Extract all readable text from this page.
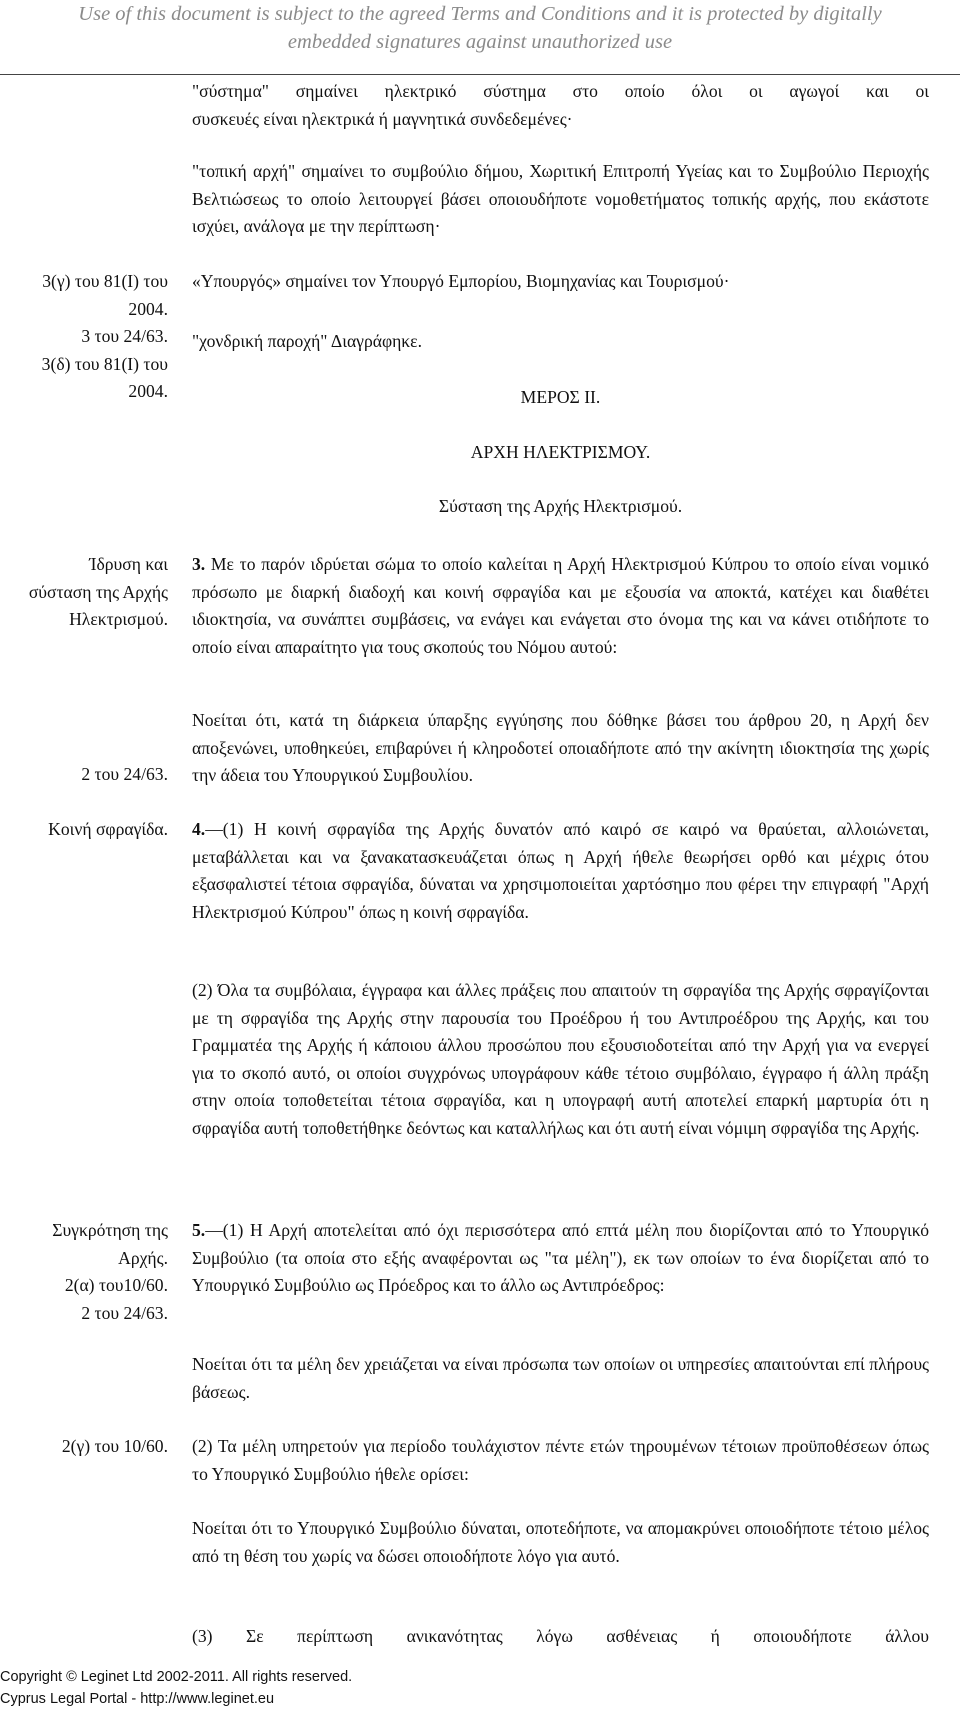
Use of this document is subject to the agreed Terms and Conditions and it is protected by digitally
embedded signatures against unauthorized use

"σύστημα" σημαίνει ηλεκτρικό σύστημα στο οποίο όλοι οι αγωγοί και οι

συσκευές είναι ηλεκτρικά ή μαγνητικά συνδεδεμένες·

"τοπική αρχή" σημαίνει το συμβούλιο δήμου, Χωριτική Επιτροπή Υγείας και το Συμβούλιο Περιοχής Βελτιώσεως το οποίο λειτουργεί βάσει οποιουδήποτε νομοθετήματος τοπικής αρχής, που εκάστοτε ισχύει, ανάλογα με την περίπτωση·

3(γ) του 81(Ι) του
2004.
3 του 24/63.
3(δ) του 81(Ι) του
2004.

«Υπουργός» σημαίνει τον Υπουργό Εμπορίου, Βιομηχανίας και Τουρισμού·

"χονδρική παροχή" Διαγράφηκε.

ΜΕΡΟΣ ΙΙ.
ΑΡΧΗ ΗΛΕΚΤΡΙΣΜΟΥ.
Σύσταση της Αρχής Ηλεκτρισμού.
Ίδρυση και
σύσταση της Αρχής
Ηλεκτρισμού.

3. Με το παρόν ιδρύεται σώμα το οποίο καλείται η Αρχή Ηλεκτρισμού Κύπρου το οποίο είναι νομικό πρόσωπο με διαρκή διαδοχή και κοινή σφραγίδα και με εξουσία να αποκτά, κατέχει και διαθέτει ιδιοκτησία, να συνάπτει συμβάσεις, να ενάγει και ενάγεται στο όνομα της και να κάνει οτιδήποτε το οποίο είναι απαραίτητο για τους σκοπούς του Νόμου αυτού:

Νοείται ότι, κατά τη διάρκεια ύπαρξης εγγύησης που δόθηκε βάσει του άρθρου 20, η Αρχή δεν αποξενώνει, υποθηκεύει, επιβαρύνει ή κληροδοτεί οποιαδήποτε από την ακίνητη ιδιοκτησία της χωρίς την άδεια του Υπουργικού Συμβουλίου.

2 του 24/63.
Κοινή σφραγίδα. 4.—(1) Η κοινή σφραγίδα της Αρχής δυνατόν από καιρό σε καιρό να θραύεται, αλλοιώνεται, μεταβάλλεται και να ξανακατασκευάζεται όπως η Αρχή ήθελε θεωρήσει ορθό και μέχρις ότου εξασφαλιστεί τέτοια σφραγίδα, δύναται να χρησιμοποιείται χαρτόσημο που φέρει την επιγραφή "Αρχή Ηλεκτρισμού Κύπρου" όπως η κοινή σφραγίδα.

(2) Όλα τα συμβόλαια, έγγραφα και άλλες πράξεις που απαιτούν τη σφραγίδα της Αρχής σφραγίζονται με τη σφραγίδα της Αρχής στην παρουσία του Προέδρου ή του Αντιπροέδρου της Αρχής, και του Γραμματέα της Αρχής ή κάποιου άλλου προσώπου που εξουσιοδοτείται από την Αρχή για να ενεργεί για το σκοπό αυτό, οι οποίοι συγχρόνως υπογράφουν κάθε τέτοιο συμβόλαιο, έγγραφο ή άλλη πράξη στην οποία τοποθετείται τέτοια σφραγίδα, και η υπογραφή αυτή αποτελεί επαρκή μαρτυρία ότι η σφραγίδα αυτή τοποθετήθηκε δεόντως και καταλλήλως και ότι αυτή είναι νόμιμη σφραγίδα της Αρχής.

Συγκρότηση της
Αρχής.
2(α) του10/60.
2 του 24/63.

5.—(1) Η Αρχή αποτελείται από όχι περισσότερα από επτά μέλη που διορίζονται από το Υπουργικό Συμβούλιο (τα οποία στο εξής αναφέρονται ως "τα μέλη"), εκ των οποίων το ένα διορίζεται από το Υπουργικό Συμβούλιο ως Πρόεδρος και το άλλο ως Αντιπρόεδρος:

Νοείται ότι τα μέλη δεν χρειάζεται να είναι πρόσωπα των οποίων οι υπηρεσίες απαιτούνται επί πλήρους βάσεως.

2(γ) του 10/60. (2) Τα μέλη υπηρετούν για περίοδο τουλάχιστον πέντε ετών τηρουμένων τέτοιων προϋποθέσεων όπως το Υπουργικό Συμβούλιο ήθελε ορίσει:

Νοείται ότι το Υπουργικό Συμβούλιο δύναται, οποτεδήποτε, να απομακρύνει οποιοδήποτε τέτοιο μέλος από τη θέση του χωρίς να δώσει οποιοδήποτε λόγο για αυτό.

(3) Σε περίπτωση ανικανότητας λόγω ασθένειας ή οποιουδήποτε άλλου

Copyright © Leginet Ltd 2002-2011. All rights reserved.
Cyprus Legal Portal - http://www.leginet.eu
